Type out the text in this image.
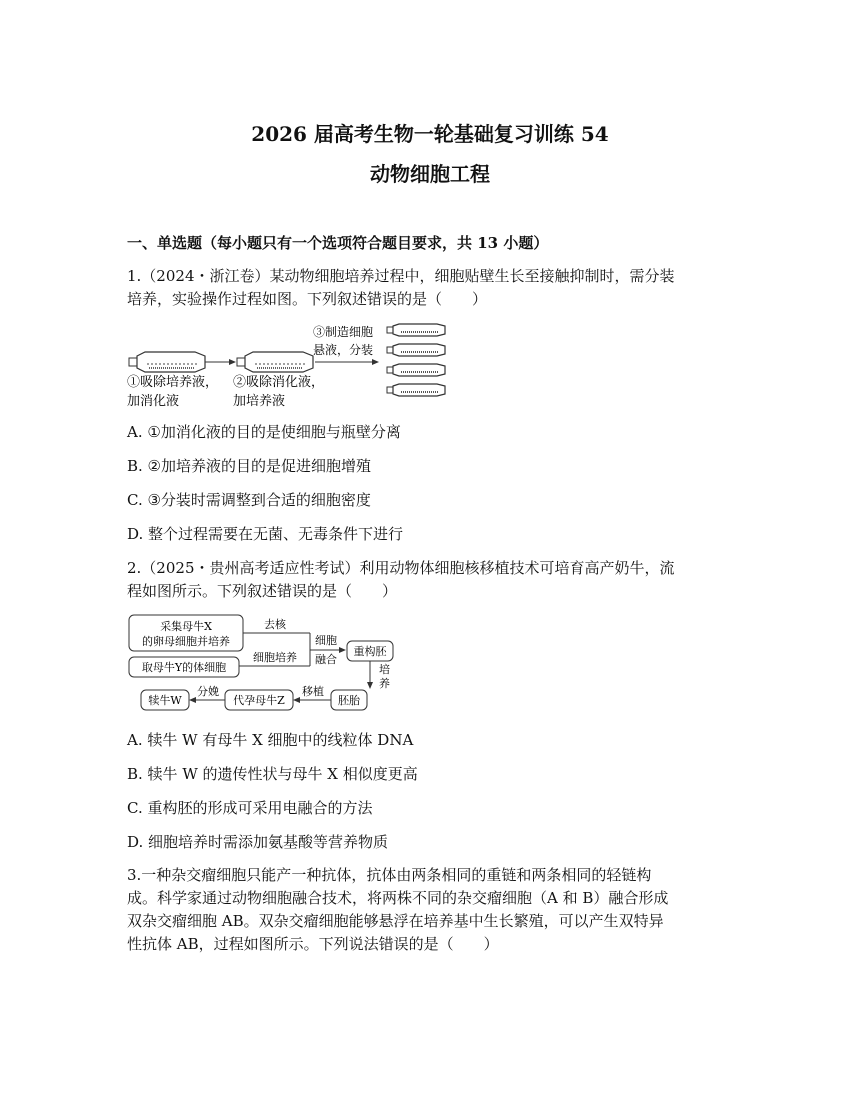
2026 届高考生物一轮基础复习训练 54
动物细胞工程
一、单选题（每小题只有一个选项符合题目要求，共 13 小题）
1.（2024・浙江卷）某动物细胞培养过程中，细胞贴壁生长至接触抑制时，需分装
培养，实验操作过程如图。下列叙述错误的是（　　）
①吸除培养液，
加消化液
②吸除消化液，
加培养液
③制造细胞
悬液，分装
A. ①加消化液的目的是使细胞与瓶壁分离
B. ②加培养液的目的是促进细胞增殖
C. ③分装时需调整到合适的细胞密度
D. 整个过程需要在无菌、无毒条件下进行
2.（2025・贵州高考适应性考试）利用动物体细胞核移植技术可培育高产奶牛，流
程如图所示。下列叙述错误的是（　　）
采集母牛X
的卵母细胞并培养
取母牛Y的体细胞
去核
细胞培养
细胞
融合
重构胚
培
养
胚胎
移植
代孕母牛Z
分娩
犊牛W
A. 犊牛 W 有母牛 X 细胞中的线粒体 DNA
B. 犊牛 W 的遗传性状与母牛 X 相似度更高
C. 重构胚的形成可采用电融合的方法
D. 细胞培养时需添加氨基酸等营养物质
3.一种杂交瘤细胞只能产一种抗体，抗体由两条相同的重链和两条相同的轻链构
成。科学家通过动物细胞融合技术，将两株不同的杂交瘤细胞（A 和 B）融合形成
双杂交瘤细胞 AB。双杂交瘤细胞能够悬浮在培养基中生长繁殖，可以产生双特异
性抗体 AB，过程如图所示。下列说法错误的是（　　）
